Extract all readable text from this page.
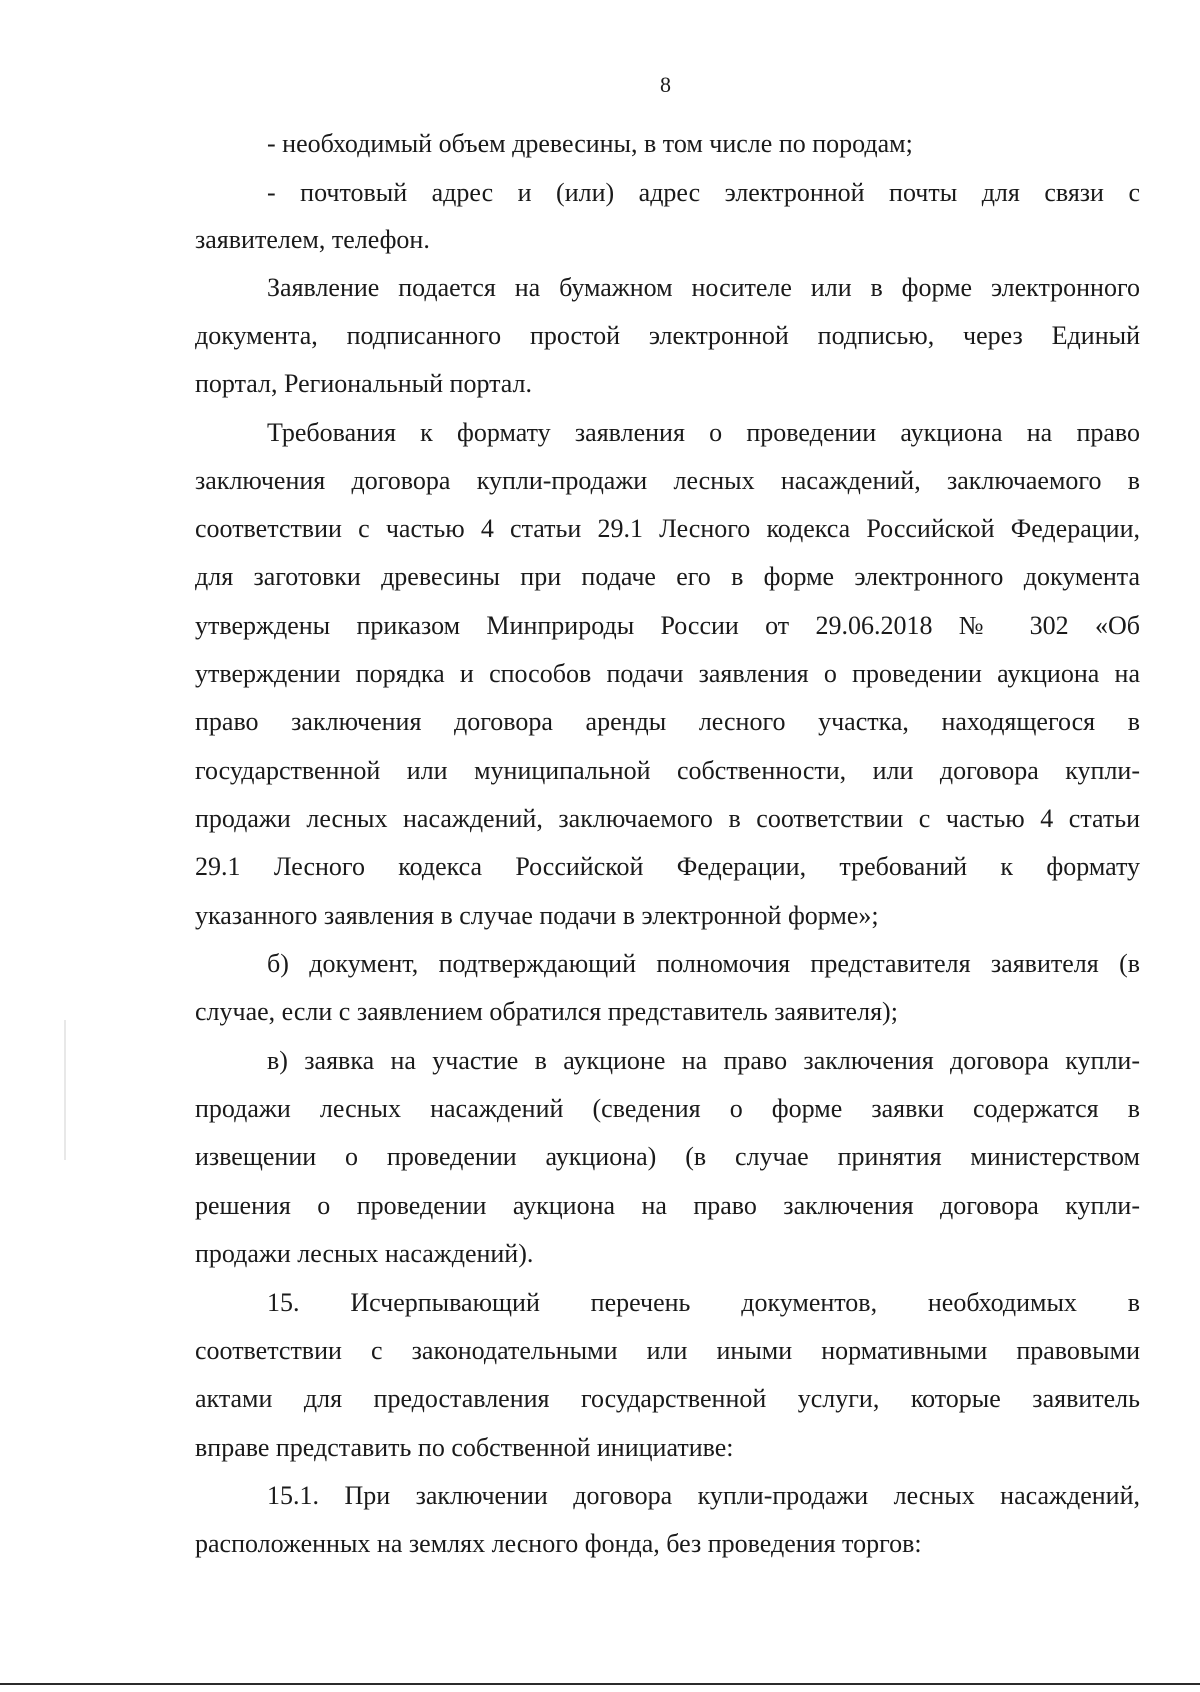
8
- необходимый объем древесины, в том числе по породам;
- почтовый адрес и (или) адрес электронной почты для связи с
заявителем, телефон.
Заявление подается на бумажном носителе или в форме электронного
документа, подписанного простой электронной подписью, через Единый
портал, Региональный портал.
Требования к формату заявления о проведении аукциона на право
заключения договора купли-продажи лесных насаждений, заключаемого в
соответствии с частью 4 статьи 29.1 Лесного кодекса Российской Федерации,
для заготовки древесины при подаче его в форме электронного документа
утверждены приказом Минприроды России от 29.06.2018 № 302 «Об
утверждении порядка и способов подачи заявления о проведении аукциона на
право заключения договора аренды лесного участка, находящегося в
государственной или муниципальной собственности, или договора купли-
продажи лесных насаждений, заключаемого в соответствии с частью 4 статьи
29.1 Лесного кодекса Российской Федерации, требований к формату
указанного заявления в случае подачи в электронной форме»;
б) документ, подтверждающий полномочия представителя заявителя (в
случае, если с заявлением обратился представитель заявителя);
в) заявка на участие в аукционе на право заключения договора купли-
продажи лесных насаждений (сведения о форме заявки содержатся в
извещении о проведении аукциона) (в случае принятия министерством
решения о проведении аукциона на право заключения договора купли-
продажи лесных насаждений).
15. Исчерпывающий перечень документов, необходимых в
соответствии с законодательными или иными нормативными правовыми
актами для предоставления государственной услуги, которые заявитель
вправе представить по собственной инициативе:
15.1. При заключении договора купли-продажи лесных насаждений,
расположенных на землях лесного фонда, без проведения торгов:
